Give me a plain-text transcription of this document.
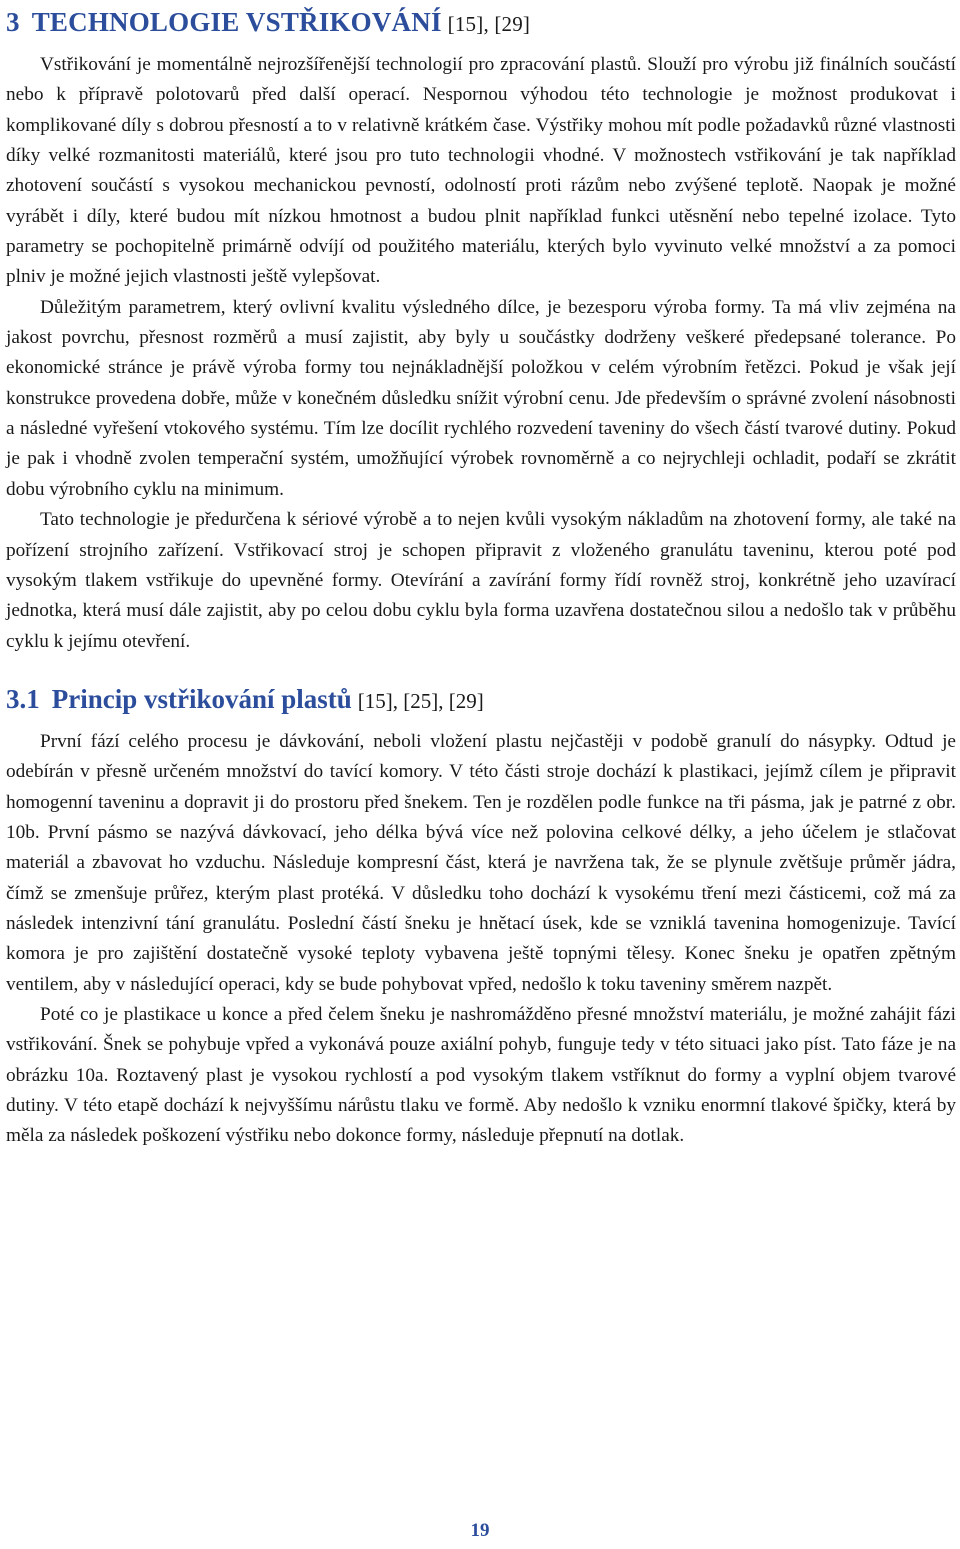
3 TECHNOLOGIE VSTŘIKOVÁNÍ [15], [29]

Vstřikování je momentálně nejrozšířenější technologií pro zpracování plastů. Slouží pro výrobu již finálních součástí nebo k přípravě polotovarů před další operací. Nespornou výhodou této technologie je možnost produkovat i komplikované díly s dobrou přesností a to v relativně krátkém čase. Výstřiky mohou mít podle požadavků různé vlastnosti díky velké rozmanitosti materiálů, které jsou pro tuto technologii vhodné. V možnostech vstřikování je tak například zhotovení součástí s vysokou mechanickou pevností, odolností proti rázům nebo zvýšené teplotě. Naopak je možné vyrábět i díly, které budou mít nízkou hmotnost a budou plnit například funkci utěsnění nebo tepelné izolace. Tyto parametry se pochopitelně primárně odvíjí od použitého materiálu, kterých bylo vyvinuto velké množství a za pomoci plniv je možné jejich vlastnosti ještě vylepšovat.

Důležitým parametrem, který ovlivní kvalitu výsledného dílce, je bezesporu výroba formy. Ta má vliv zejména na jakost povrchu, přesnost rozměrů a musí zajistit, aby byly u součástky dodrženy veškeré předepsané tolerance. Po ekonomické stránce je právě výroba formy tou nejnákladnější položkou v celém výrobním řetězci. Pokud je však její konstrukce provedena dobře, může v konečném důsledku snížit výrobní cenu. Jde především o správné zvolení násobnosti a následné vyřešení vtokového systému. Tím lze docílit rychlého rozvedení taveniny do všech částí tvarové dutiny. Pokud je pak i vhodně zvolen temperační systém, umožňující výrobek rovnoměrně a co nejrychleji ochladit, podaří se zkrátit dobu výrobního cyklu na minimum.

Tato technologie je předurčena k sériové výrobě a to nejen kvůli vysokým nákladům na zhotovení formy, ale také na pořízení strojního zařízení. Vstřikovací stroj je schopen připravit z vloženého granulátu taveninu, kterou poté pod vysokým tlakem vstřikuje do upevněné formy. Otevírání a zavírání formy řídí rovněž stroj, konkrétně jeho uzavírací jednotka, která musí dále zajistit, aby po celou dobu cyklu byla forma uzavřena dostatečnou silou a nedošlo tak v průběhu cyklu k jejímu otevření.

3.1 Princip vstřikování plastů [15], [25], [29]

První fází celého procesu je dávkování, neboli vložení plastu nejčastěji v podobě granulí do násypky. Odtud je odebírán v přesně určeném množství do tavící komory. V této části stroje dochází k plastikaci, jejímž cílem je připravit homogenní taveninu a dopravit ji do prostoru před šnekem. Ten je rozdělen podle funkce na tři pásma, jak je patrné z obr. 10b. První pásmo se nazývá dávkovací, jeho délka bývá více než polovina celkové délky, a jeho účelem je stlačovat materiál a zbavovat ho vzduchu. Následuje kompresní část, která je navržena tak, že se plynule zvětšuje průměr jádra, čímž se zmenšuje průřez, kterým plast protéká. V důsledku toho dochází k vysokému tření mezi částicemi, což má za následek intenzivní tání granulátu. Poslední částí šneku je hnětací úsek, kde se vzniklá tavenina homogenizuje. Tavící komora je pro zajištění dostatečně vysoké teploty vybavena ještě topnými tělesy. Konec šneku je opatřen zpětným ventilem, aby v následující operaci, kdy se bude pohybovat vpřed, nedošlo k toku taveniny směrem nazpět.

Poté co je plastikace u konce a před čelem šneku je nashromážděno přesné množství materiálu, je možné zahájit fázi vstřikování. Šnek se pohybuje vpřed a vykonává pouze axiální pohyb, funguje tedy v této situaci jako píst. Tato fáze je na obrázku 10a. Roztavený plast je vysokou rychlostí a pod vysokým tlakem vstříknut do formy a vyplní objem tvarové dutiny. V této etapě dochází k nejvyššímu nárůstu tlaku ve formě. Aby nedošlo k vzniku enormní tlakové špičky, která by měla za následek poškození výstřiku nebo dokonce formy, následuje přepnutí na dotlak.

19
